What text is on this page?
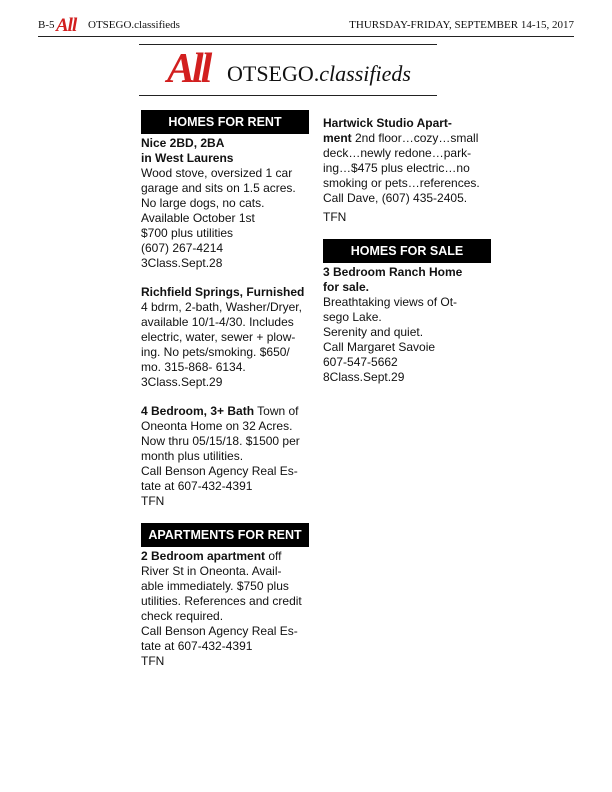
B-5 All OTSEGO.classifieds	THURSDAY-FRIDAY, SEPTEMBER 14-15, 2017
All OTSEGO.classifieds
HOMES FOR RENT
Nice 2BD, 2BA
in West Laurens
Wood stove, oversized 1 car
garage and sits on 1.5 acres.
No large dogs, no cats.
Available October 1st
$700 plus utilities
(607) 267-4214
3Class.Sept.28
Richfield Springs, Furnished
4 bdrm, 2-bath, Washer/Dryer,
available 10/1-4/30. Includes
electric, water, sewer + plow-
ing. No pets/smoking. $650/
mo. 315-868- 6134.
3Class.Sept.29
4 Bedroom, 3+ Bath Town of
Oneonta Home on 32 Acres.
Now thru 05/15/18. $1500 per
month plus utilities.
Call Benson Agency Real Es-
tate at 607-432-4391
TFN
APARTMENTS FOR RENT
2 Bedroom apartment off
River St in Oneonta. Avail-
able immediately. $750 plus
utilities. References and credit
check required.
Call Benson Agency Real Es-
tate at 607-432-4391
TFN
Hartwick Studio Apart-
ment 2nd floor…cozy…small
deck…newly redone…park-
ing…$475 plus electric…no
smoking or pets…references.
Call Dave, (607) 435-2405.
TFN
HOMES FOR SALE
3 Bedroom Ranch Home
for sale.
Breathtaking views of Ot-
sego Lake.
Serenity and quiet.
Call Margaret Savoie
607-547-5662
8Class.Sept.29
